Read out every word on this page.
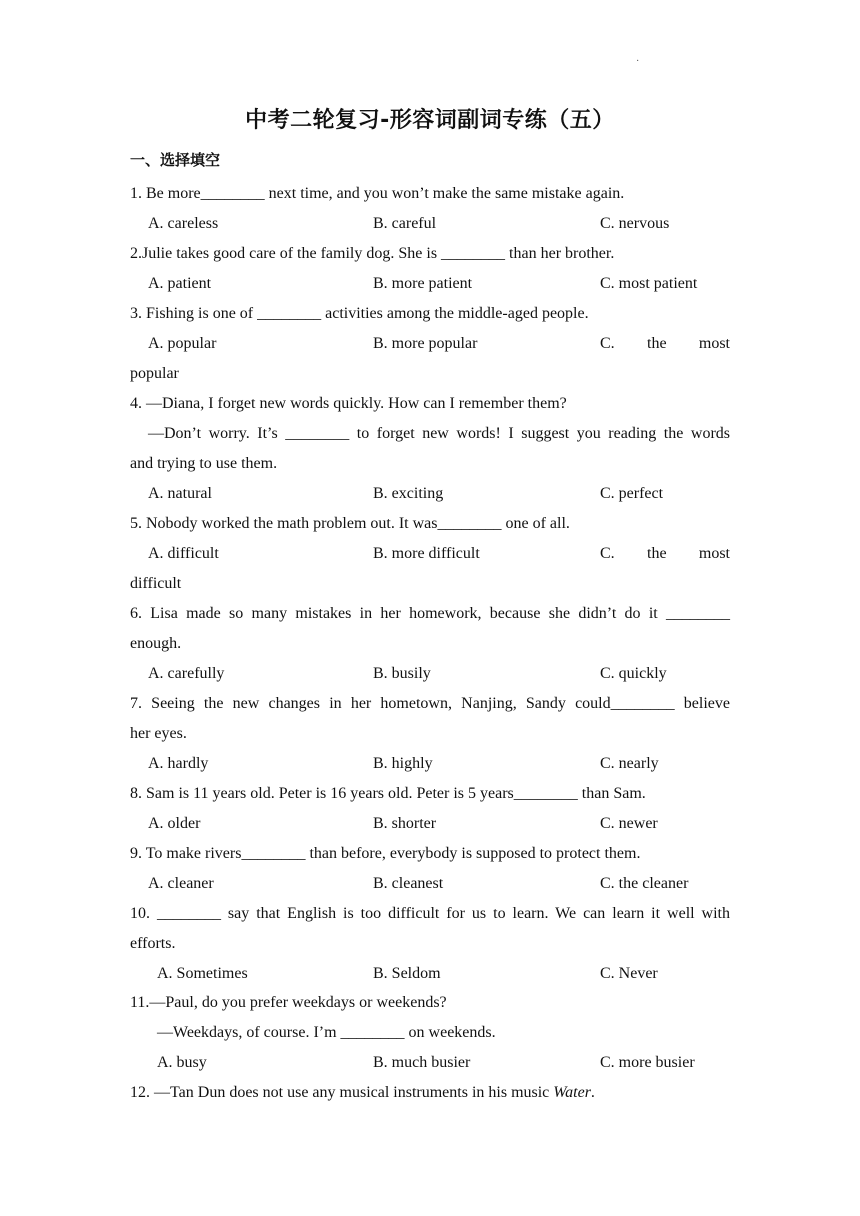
·
中考二轮复习-形容词副词专练（五）
一、选择填空
1. Be more________ next time, and you won’t make the same mistake again.
A. careless	B. careful	C. nervous
2.Julie takes good care of the family dog. She is ________ than her brother.
A. patient	B. more patient	C. most patient
3. Fishing is one of ________ activities among the middle-aged people.
A. popular	B. more popular	C. the most
popular
4. —Diana, I forget new words quickly. How can I remember them?
—Don’t worry. It’s ________ to forget new words! I suggest you reading the words
and trying to use them.
A. natural	B. exciting	C. perfect
5. Nobody worked the math problem out. It was________ one of all.
A. difficult	B. more difficult	C. the most
difficult
6. Lisa made so many mistakes in her homework, because she didn’t do it ________
enough.
A. carefully	B. busily	C. quickly
7. Seeing the new changes in her hometown, Nanjing, Sandy could________ believe
her eyes.
A. hardly	B. highly	C. nearly
8. Sam is 11 years old. Peter is 16 years old. Peter is 5 years________ than Sam.
A. older	B. shorter	C. newer
9. To make rivers________ than before, everybody is supposed to protect them.
A. cleaner	B. cleanest	C. the cleaner
10. ________ say that English is too difficult for us to learn. We can learn it well with
efforts.
A. Sometimes	B. Seldom	C. Never
11.—Paul, do you prefer weekdays or weekends?
—Weekdays, of course. I’m ________ on weekends.
A. busy	B. much busier	C. more busier
12. —Tan Dun does not use any musical instruments in his music Water.
